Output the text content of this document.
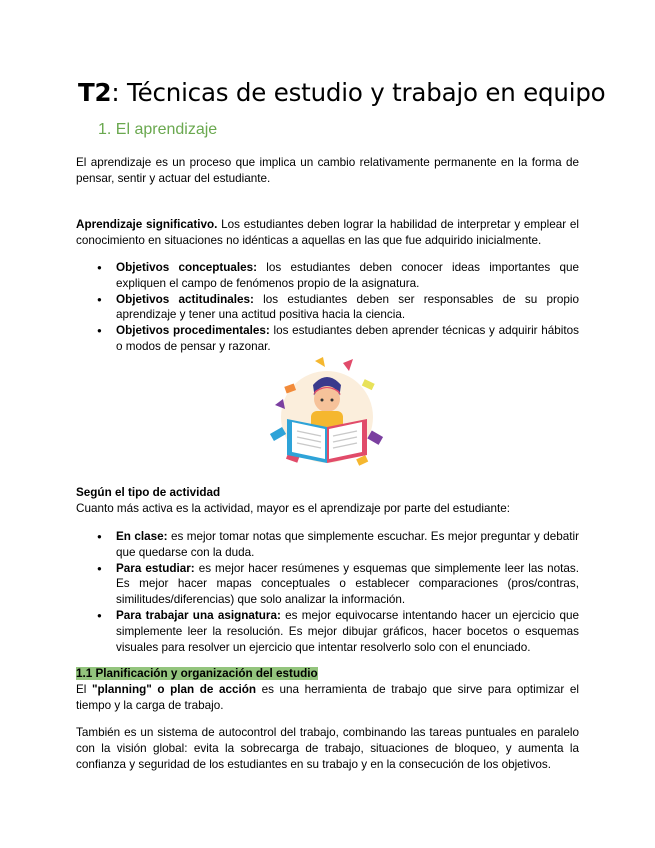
T2: Técnicas de estudio y trabajo en equipo
1. El aprendizaje

El aprendizaje es un proceso que implica un cambio relativamente permanente en la forma de pensar, sentir y actuar del estudiante.

Aprendizaje significativo. Los estudiantes deben lograr la habilidad de interpretar y emplear el conocimiento en situaciones no idénticas a aquellas en las que fue adquirido inicialmente.

● Objetivos conceptuales: los estudiantes deben conocer ideas importantes que expliquen el campo de fenómenos propio de la asignatura.
● Objetivos actitudinales: los estudiantes deben ser responsables de su propio aprendizaje y tener una actitud positiva hacia la ciencia.
● Objetivos procedimentales: los estudiantes deben aprender técnicas y adquirir hábitos o modos de pensar y razonar.

Según el tipo de actividad
Cuanto más activa es la actividad, mayor es el aprendizaje por parte del estudiante:

● En clase: es mejor tomar notas que simplemente escuchar. Es mejor preguntar y debatir que quedarse con la duda.
● Para estudiar: es mejor hacer resúmenes y esquemas que simplemente leer las notas. Es mejor hacer mapas conceptuales o establecer comparaciones (pros/contras, similitudes/diferencias) que solo analizar la información.
● Para trabajar una asignatura: es mejor equivocarse intentando hacer un ejercicio que simplemente leer la resolución. Es mejor dibujar gráficos, hacer bocetos o esquemas visuales para resolver un ejercicio que intentar resolverlo solo con el enunciado.

1.1 Planificación y organización del estudio
El "planning" o plan de acción es una herramienta de trabajo que sirve para optimizar el tiempo y la carga de trabajo.

También es un sistema de autocontrol del trabajo, combinando las tareas puntuales en paralelo con la visión global: evita la sobrecarga de trabajo, situaciones de bloqueo, y aumenta la confianza y seguridad de los estudiantes en su trabajo y en la consecución de los objetivos.
